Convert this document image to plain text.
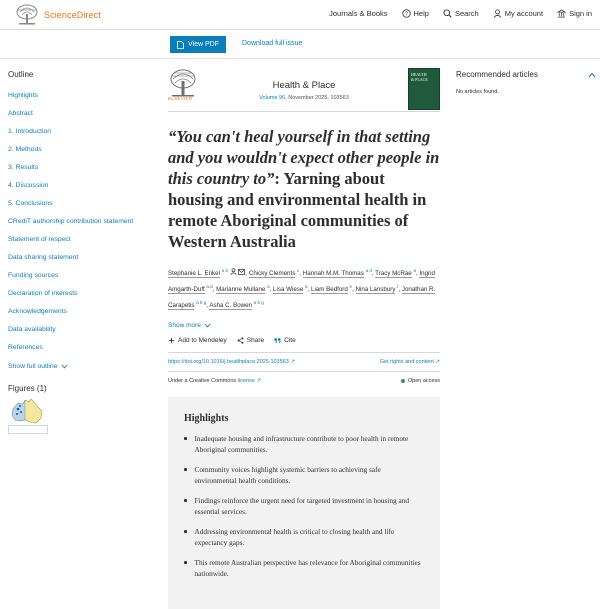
ScienceDirect	Journals & Books	? Help	Search	My account	Sign in
View PDF	Download full issue
Outline
Highlights
Abstract
1. Introduction
2. Methods
3. Results
4. Discussion
5. Conclusions
CRediT authorship contribution statement
Statement of respect
Data sharing statement
Funding sources
Declaration of interests
Acknowledgements
Data availability
References
Show full outline
Figures (1)
ELSEVIER
Health & Place
Volume 96, November 2025, 103563
HEALTH
& PLACE
“You can't heal yourself in that setting and you wouldn't expect other people in this country to”: Yarning about housing and environmental health in remote Aboriginal communities of Western Australia
Stephanie L. Enkel $^{a b}$	, Chicky Clements $^c$, Hannah M.M. Thomas $^{a d}$, Tracy McRae $^a$, Ingrid Amgarth-Duff $^{a d}$, Marianne Mullane $^a$, Lisa Wiese $^a$, Liam Bedford $^e$, Nina Lansbury $^f$, Jonathan R. Carapetis $^{a b g}$, Asha C. Bowen $^{a b g}$
Show more
Add to Mendeley	Share	Cite
https://doi.org/10.1016/j.healthplace.2025.103563 ↗	Get rights and content ↗
Under a Creative Commons license ↗	Open access
Highlights
Inadequate housing and infrastructure contribute to poor health in remote Aboriginal communities.
Community voices highlight systemic barriers to achieving safe environmental health conditions.
Findings reinforce the urgent need for targeted investment in housing and essential services.
Addressing environmental health is critical to closing health and life expectancy gaps.
This remote Australian perspective has relevance for Aboriginal communities nationwide.
Recommended articles
No articles found.
